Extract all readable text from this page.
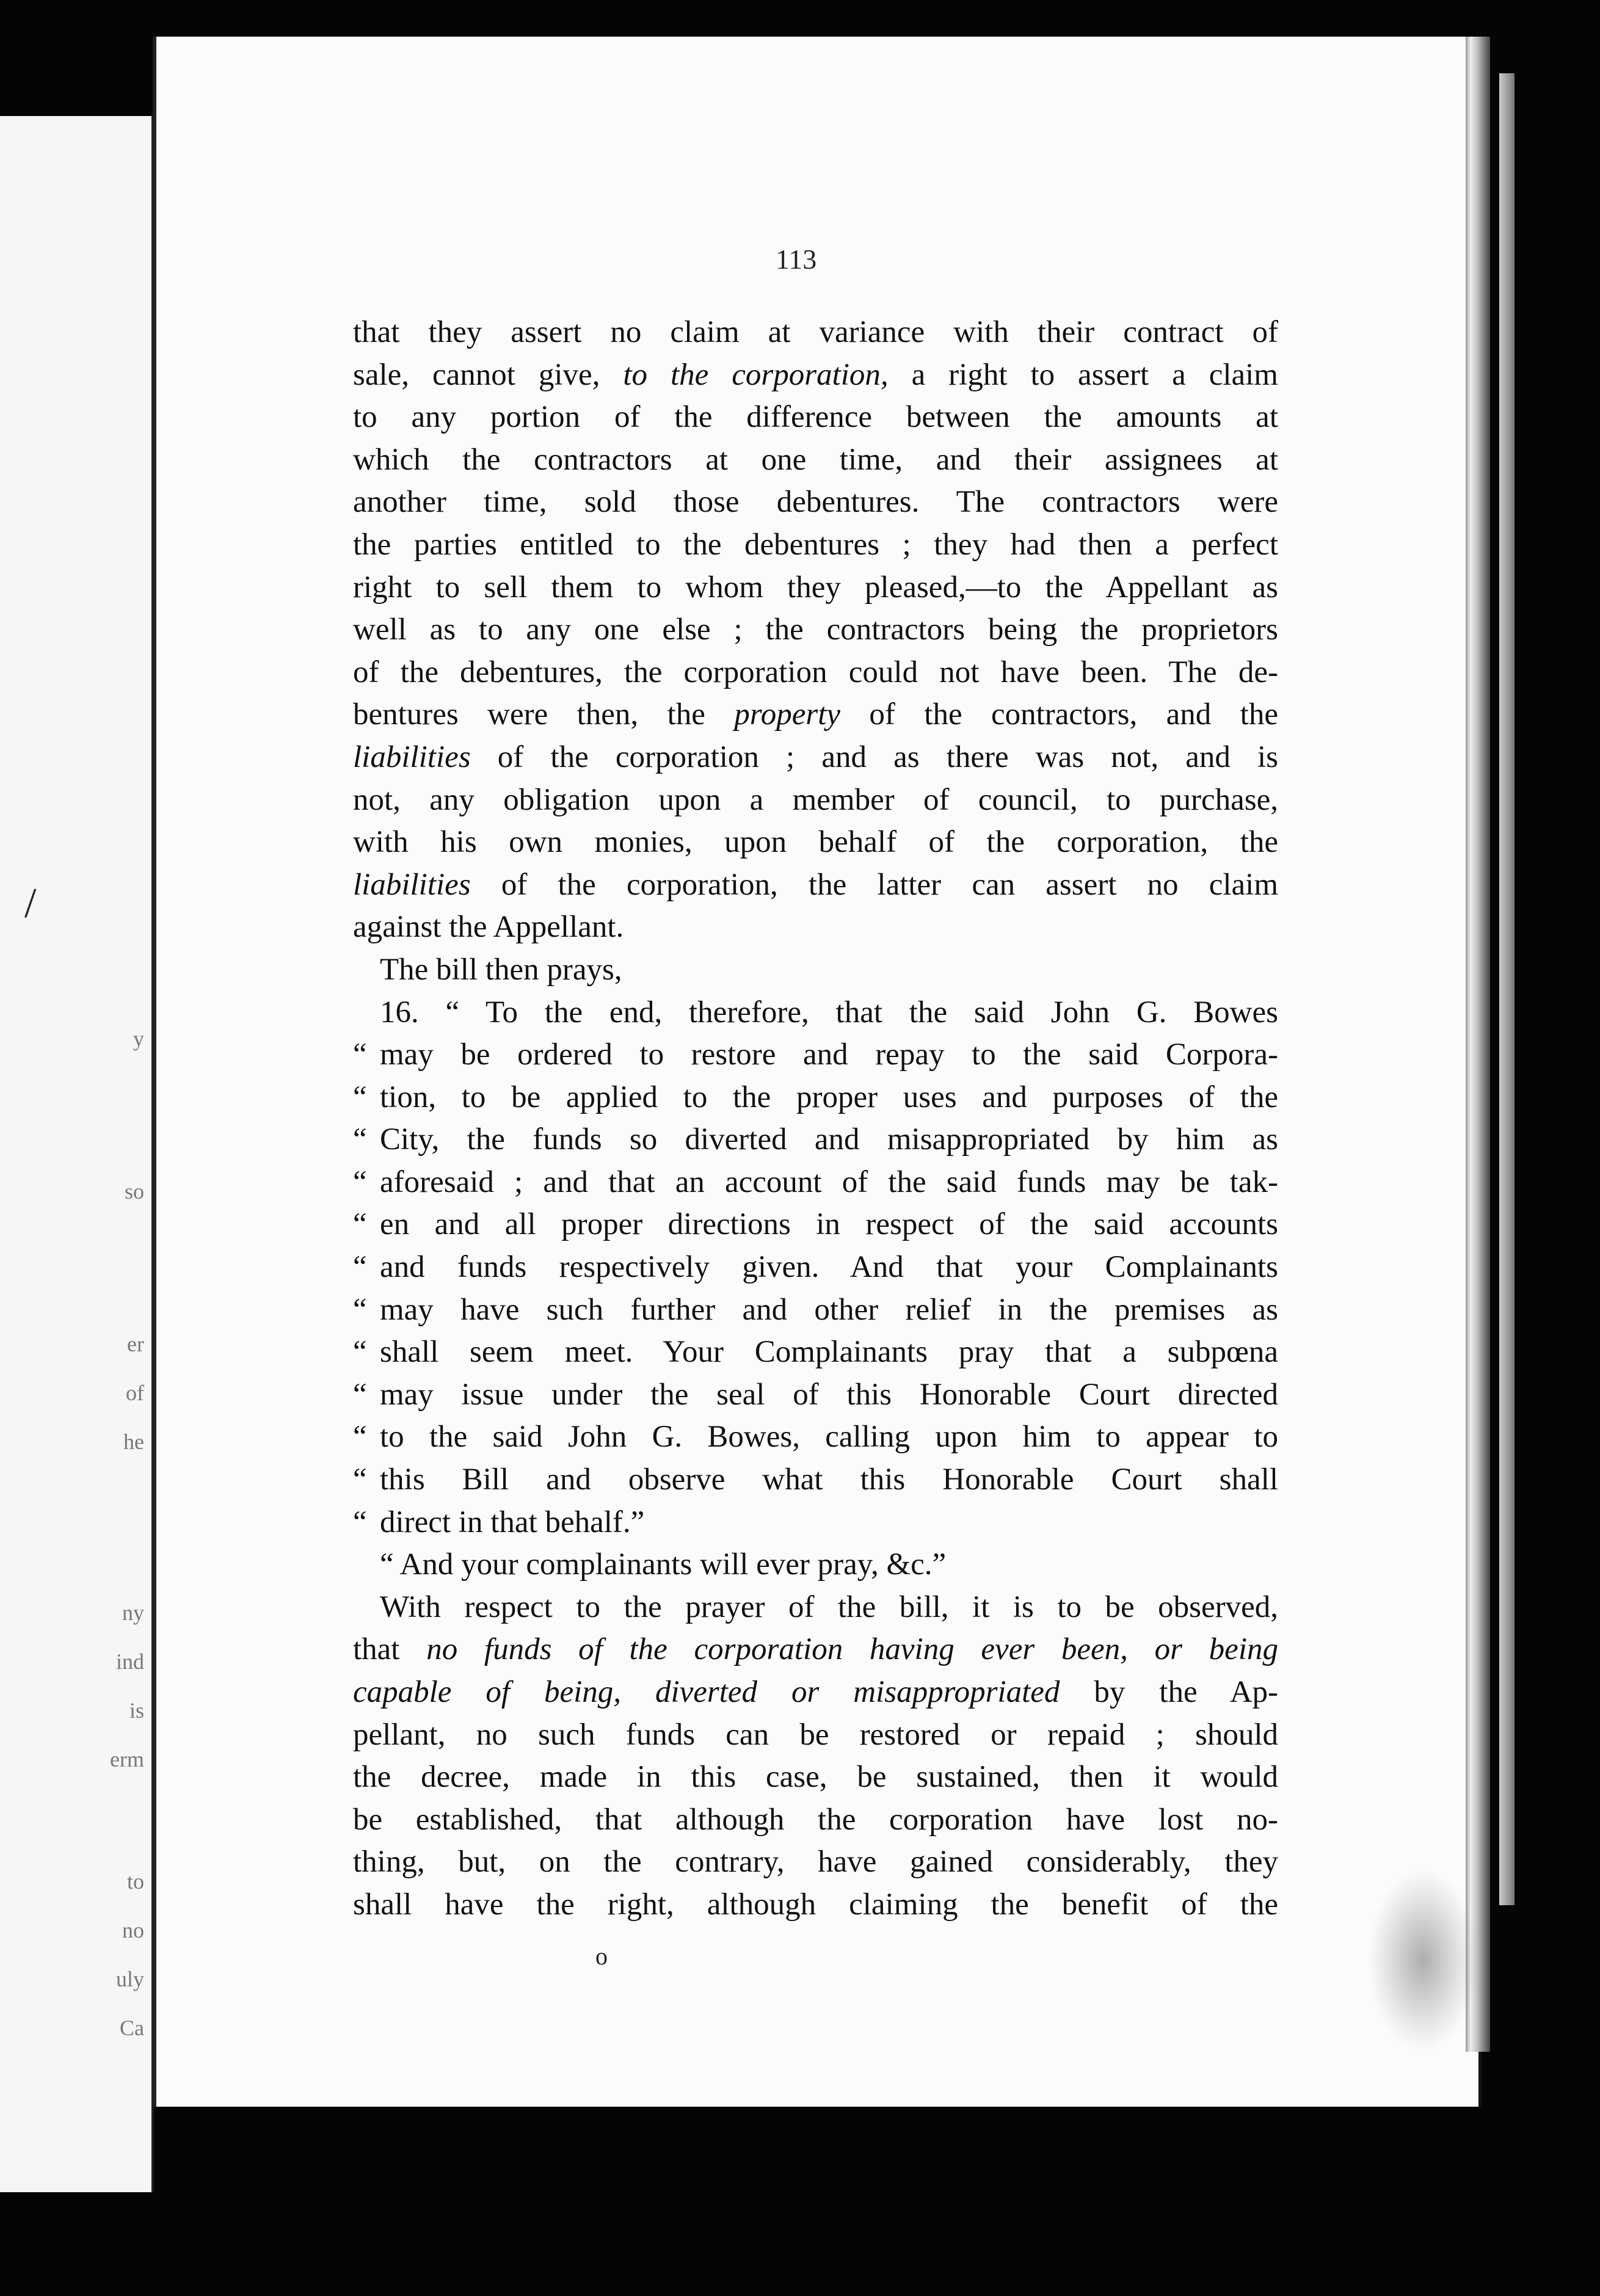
y
so
er
of
he
ny
ind
is
erm
to
no
uly
Ca
/
113
that they assert no claim at variance with their contract of
sale, cannot give, to the corporation, a right to assert a claim
to any portion of the difference between the amounts at
which the contractors at one time, and their assignees at
another time, sold those debentures. The contractors were
the parties entitled to the debentures ; they had then a perfect
right to sell them to whom they pleased,—to the Appellant as
well as to any one else ; the contractors being the proprietors
of the debentures, the corporation could not have been. The de-
bentures were then, the property of the contractors, and the
liabilities of the corporation ; and as there was not, and is
not, any obligation upon a member of council, to purchase,
with his own monies, upon behalf of the corporation, the
liabilities of the corporation, the latter can assert no claim
against the Appellant.
The bill then prays,
16. “ To the end, therefore, that the said John G. Bowes
“ may be ordered to restore and repay to the said Corpora-
“ tion, to be applied to the proper uses and purposes of the
“ City, the funds so diverted and misappropriated by him as
“ aforesaid ; and that an account of the said funds may be tak-
“ en and all proper directions in respect of the said accounts
“ and funds respectively given. And that your Complainants
“ may have such further and other relief in the premises as
“ shall seem meet. Your Complainants pray that a subpœna
“ may issue under the seal of this Honorable Court directed
“ to the said John G. Bowes, calling upon him to appear to
“ this Bill and observe what this Honorable Court shall
“ direct in that behalf.”
“ And your complainants will ever pray, &c.”
With respect to the prayer of the bill, it is to be observed,
that no funds of the corporation having ever been, or being
capable of being, diverted or misappropriated by the Ap-
pellant, no such funds can be restored or repaid ; should
the decree, made in this case, be sustained, then it would
be established, that although the corporation have lost no-
thing, but, on the contrary, have gained considerably, they
shall have the right, although claiming the benefit of the
o
